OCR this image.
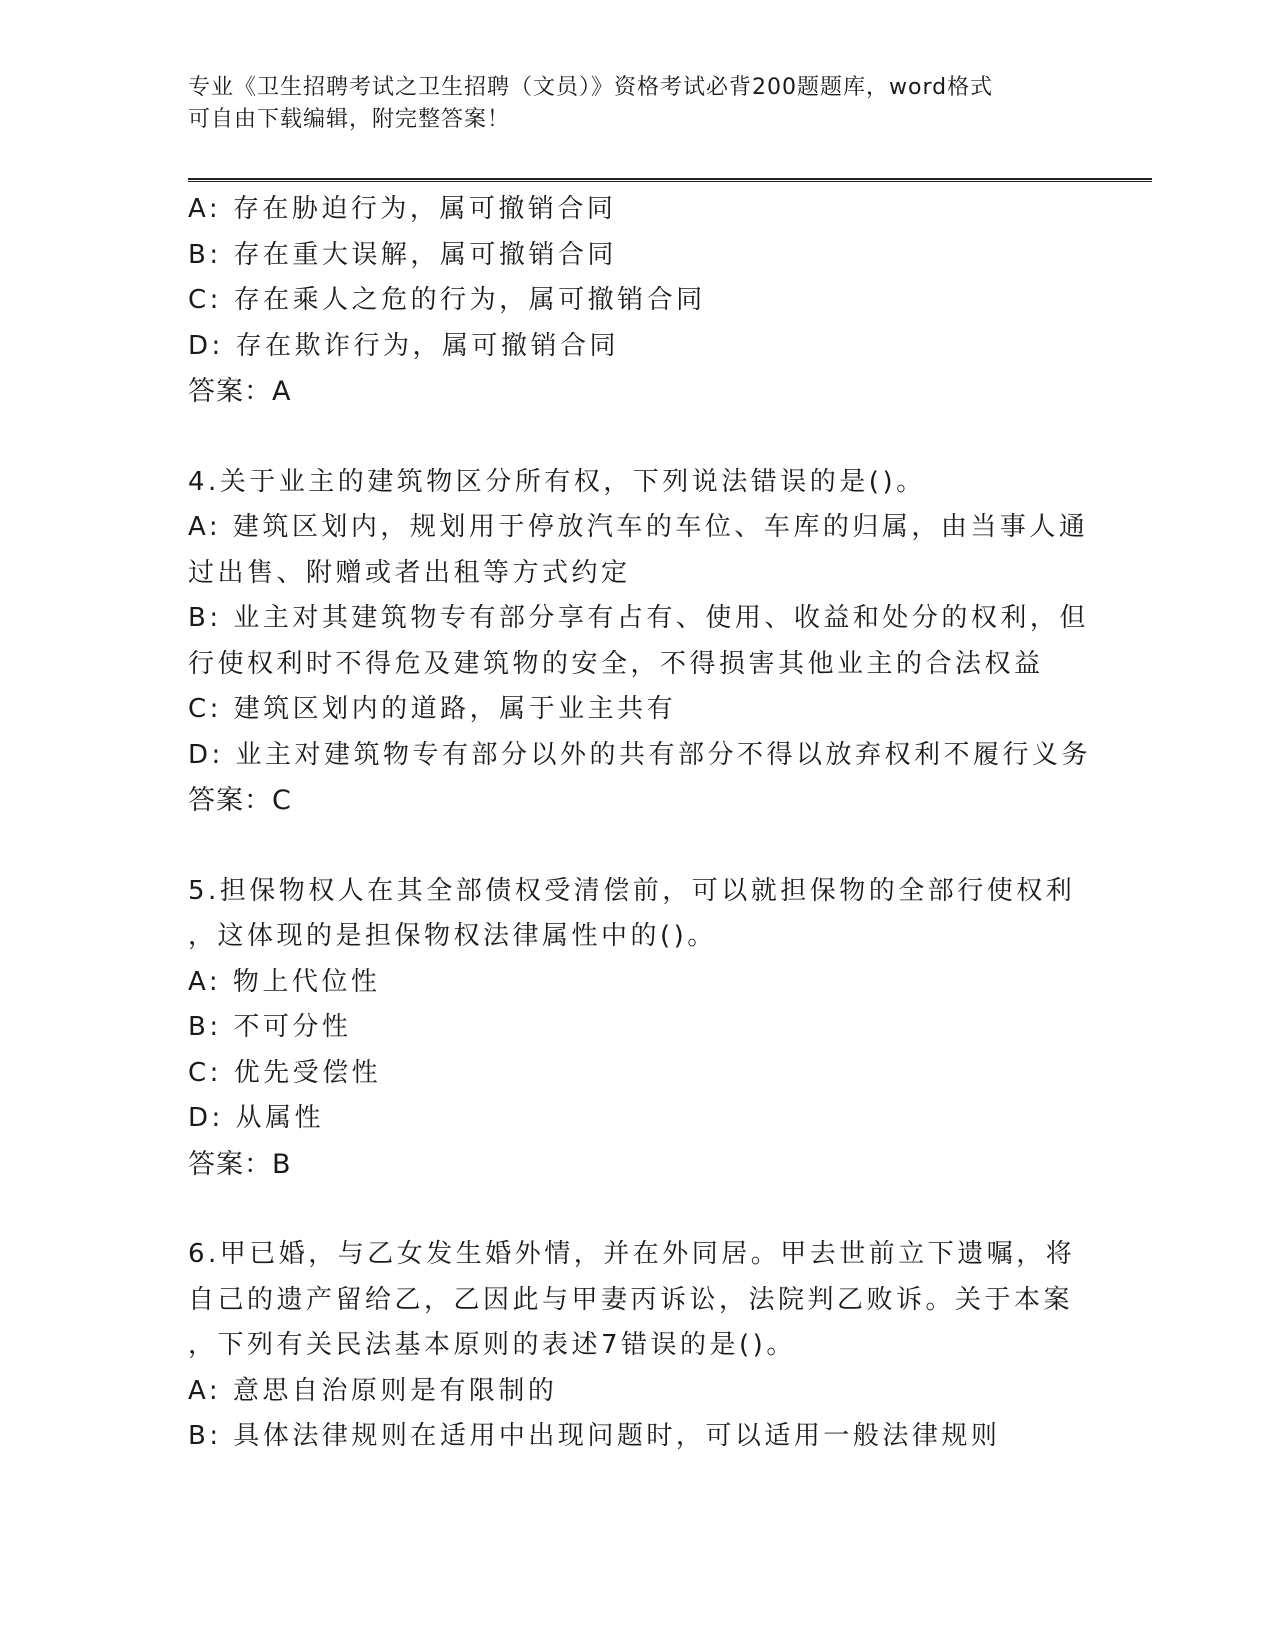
专业《卫生招聘考试之卫生招聘（文员）》资格考试必背200题题库，word格式
可自由下载编辑，附完整答案！
A: 存在胁迫行为，属可撤销合同
B: 存在重大误解，属可撤销合同
C: 存在乘人之危的行为，属可撤销合同
D: 存在欺诈行为，属可撤销合同
答案：A
4.关于业主的建筑物区分所有权，下列说法错误的是()。
A: 建筑区划内，规划用于停放汽车的车位、车库的归属，由当事人通
过出售、附赠或者出租等方式约定
B: 业主对其建筑物专有部分享有占有、使用、收益和处分的权利，但
行使权利时不得危及建筑物的安全，不得损害其他业主的合法权益
C: 建筑区划内的道路，属于业主共有
D: 业主对建筑物专有部分以外的共有部分不得以放弃权利不履行义务
答案：C
5.担保物权人在其全部债权受清偿前，可以就担保物的全部行使权利
，这体现的是担保物权法律属性中的()。
A: 物上代位性
B: 不可分性
C: 优先受偿性
D: 从属性
答案：B
6.甲已婚，与乙女发生婚外情，并在外同居。甲去世前立下遗嘱，将
自己的遗产留给乙，乙因此与甲妻丙诉讼，法院判乙败诉。关于本案
，下列有关民法基本原则的表述7错误的是()。
A: 意思自治原则是有限制的
B: 具体法律规则在适用中出现问题时，可以适用一般法律规则
